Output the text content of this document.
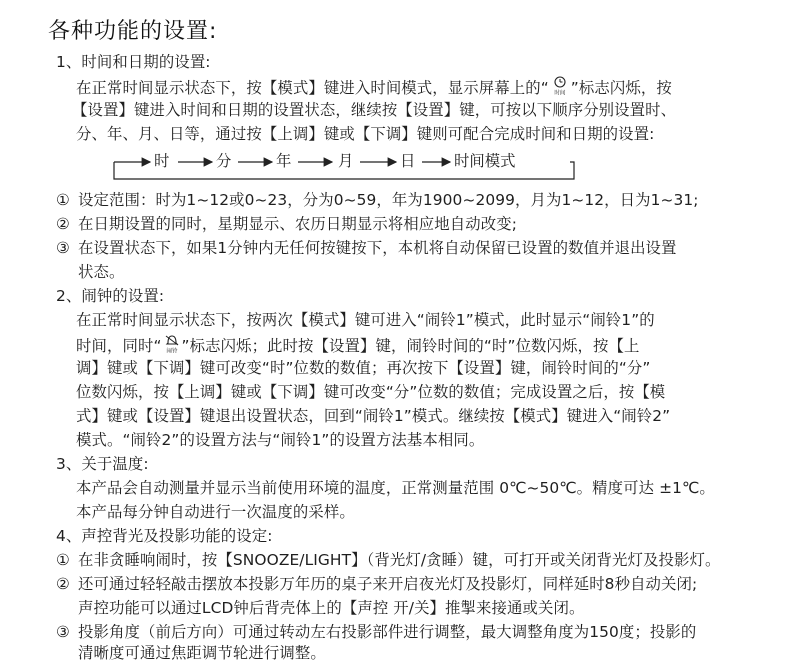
各种功能的设置:
1、时间和日期的设置:
在正常时间显示状态下，按【模式】键进入时间模式，显示屏幕上的“ 时间 ”标志闪烁，按
【设置】键进入时间和日期的设置状态，继续按【设置】键，可按以下顺序分别设置时、
分、年、月、日等，通过按【上调】键或【下调】键则可配合完成时间和日期的设置:
时	分	年	月	日	时间模式
① 设定范围：时为1~12或0~23，分为0~59，年为1900~2099，月为1~12，日为1~31;
② 在日期设置的同时，星期显示、农历日期显示将相应地自动改变;
③ 在设置状态下，如果1分钟内无任何按键按下，本机将自动保留已设置的数值并退出设置
状态。
2、闹钟的设置:
在正常时间显示状态下，按两次【模式】键可进入“闹铃1”模式，此时显示“闹铃1”的
时间，同时“ 闹铃 ”标志闪烁；此时按【设置】键，闹铃时间的“时”位数闪烁，按【上
调】键或【下调】键可改变“时”位数的数值；再次按下【设置】键，闹铃时间的“分”
位数闪烁，按【上调】键或【下调】键可改变“分”位数的数值；完成设置之后，按【模
式】键或【设置】键退出设置状态，回到“闹铃1”模式。继续按【模式】键进入“闹铃2”
模式。“闹铃2”的设置方法与“闹铃1”的设置方法基本相同。
3、关于温度:
本产品会自动测量并显示当前使用环境的温度，正常测量范围 0℃~50℃。精度可达 ±1℃。
本产品每分钟自动进行一次温度的采样。
4、声控背光及投影功能的设定:
① 在非贪睡响闹时，按【SNOOZE/LIGHT】（背光灯/贪睡）键，可打开或关闭背光灯及投影灯。
② 还可通过轻轻敲击摆放本投影万年历的桌子来开启夜光灯及投影灯，同样延时8秒自动关闭;
声控功能可以通过LCD钟后背壳体上的【声控 开/关】推掣来接通或关闭。
③ 投影角度（前后方向）可通过转动左右投影部件进行调整，最大调整角度为150度；投影的
清晰度可通过焦距调节轮进行调整。
